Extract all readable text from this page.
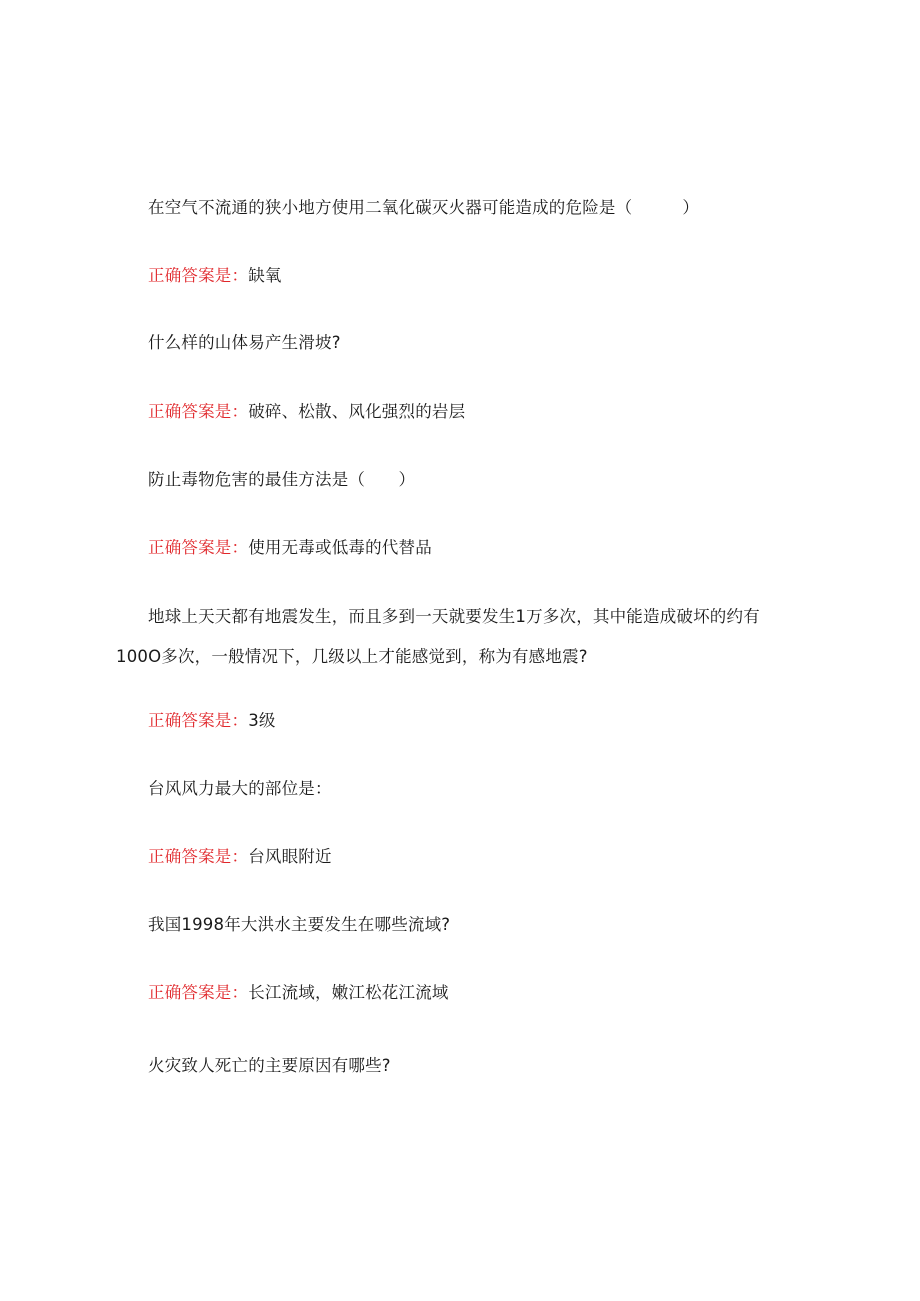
在空气不流通的狭小地方使用二氧化碳灭火器可能造成的危险是（　　　）
正确答案是：缺氧
什么样的山体易产生滑坡?
正确答案是：破碎、松散、风化强烈的岩层
防止毒物危害的最佳方法是（　　）
正确答案是：使用无毒或低毒的代替品
地球上天天都有地震发生，而且多到一天就要发生1万多次，其中能造成破坏的约有100O多次，一般情况下，几级以上才能感觉到，称为有感地震?
正确答案是：3级
台风风力最大的部位是：
正确答案是：台风眼附近
我国1998年大洪水主要发生在哪些流域?
正确答案是：长江流域，嫩江松花江流域
火灾致人死亡的主要原因有哪些?
